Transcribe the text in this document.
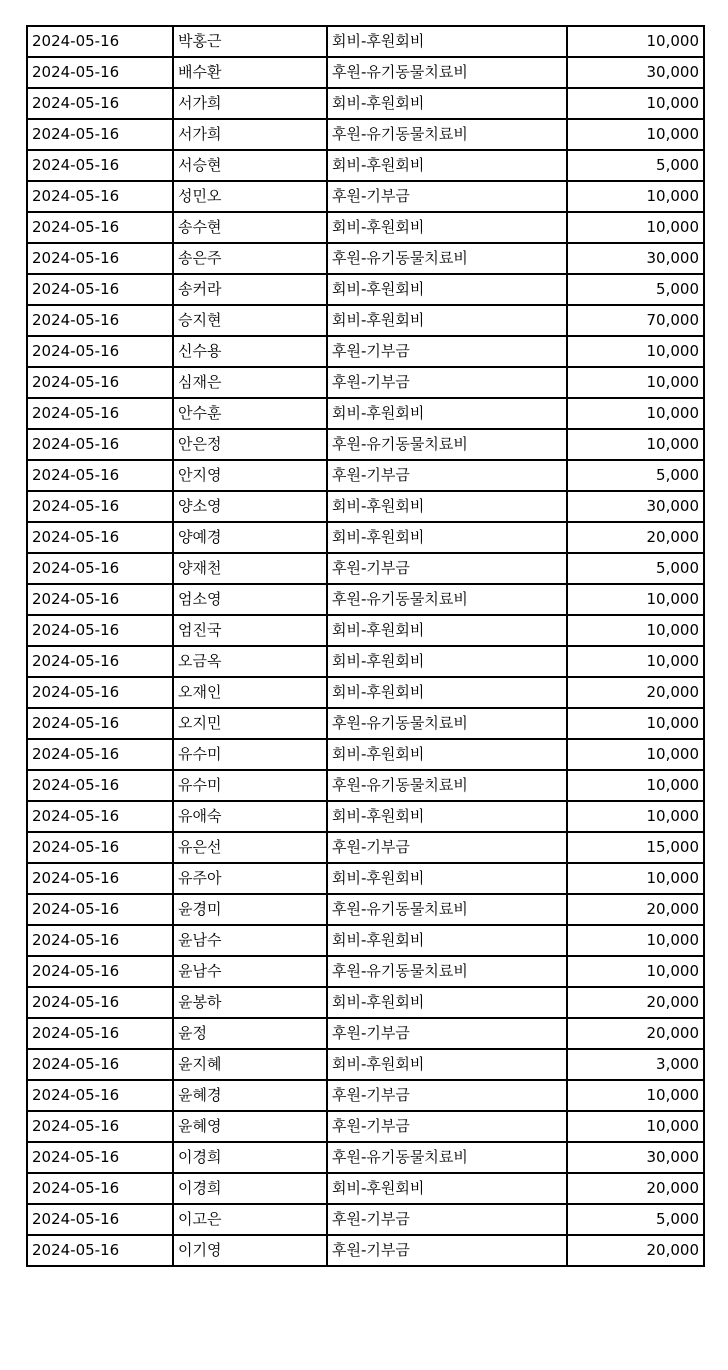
2024-05-16	박홍근	회비-후원회비	10,000
2024-05-16	배수환	후원-유기동물치료비	30,000
2024-05-16	서가희	회비-후원회비	10,000
2024-05-16	서가희	후원-유기동물치료비	10,000
2024-05-16	서승현	회비-후원회비	5,000
2024-05-16	성민오	후원-기부금	10,000
2024-05-16	송수현	회비-후원회비	10,000
2024-05-16	송은주	후원-유기동물치료비	30,000
2024-05-16	송커라	회비-후원회비	5,000
2024-05-16	승지현	회비-후원회비	70,000
2024-05-16	신수용	후원-기부금	10,000
2024-05-16	심재은	후원-기부금	10,000
2024-05-16	안수훈	회비-후원회비	10,000
2024-05-16	안은정	후원-유기동물치료비	10,000
2024-05-16	안지영	후원-기부금	5,000
2024-05-16	양소영	회비-후원회비	30,000
2024-05-16	양예경	회비-후원회비	20,000
2024-05-16	양재천	후원-기부금	5,000
2024-05-16	엄소영	후원-유기동물치료비	10,000
2024-05-16	엄진국	회비-후원회비	10,000
2024-05-16	오금옥	회비-후원회비	10,000
2024-05-16	오재인	회비-후원회비	20,000
2024-05-16	오지민	후원-유기동물치료비	10,000
2024-05-16	유수미	회비-후원회비	10,000
2024-05-16	유수미	후원-유기동물치료비	10,000
2024-05-16	유애숙	회비-후원회비	10,000
2024-05-16	유은선	후원-기부금	15,000
2024-05-16	유주아	회비-후원회비	10,000
2024-05-16	윤경미	후원-유기동물치료비	20,000
2024-05-16	윤남수	회비-후원회비	10,000
2024-05-16	윤남수	후원-유기동물치료비	10,000
2024-05-16	윤봉하	회비-후원회비	20,000
2024-05-16	윤정	후원-기부금	20,000
2024-05-16	윤지혜	회비-후원회비	3,000
2024-05-16	윤혜경	후원-기부금	10,000
2024-05-16	윤혜영	후원-기부금	10,000
2024-05-16	이경희	후원-유기동물치료비	30,000
2024-05-16	이경희	회비-후원회비	20,000
2024-05-16	이고은	후원-기부금	5,000
2024-05-16	이기영	후원-기부금	20,000
